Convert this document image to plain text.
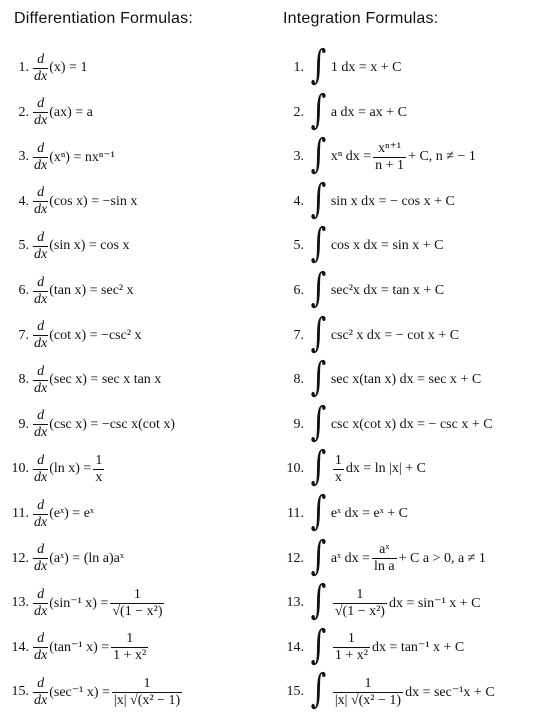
Differentiation Formulas:	Integration Formulas:
1. $\frac{d}{dx} (x) = 1$
2. $\frac{d}{dx} (ax) = a$
3. $\frac{d}{dx} (x^n) = nx^{n-1}$
4. $\frac{d}{dx} (\cos$ x) = −sin x
5. $\frac{d}{dx} (\sin$ x) = cos x
6. $\frac{d}{dx} (\tan$ x) = sec² x
7. $\frac{d}{dx} (\cot$ x) = −csc² x
8. $\frac{d}{dx} (\sec$ x) = sec x tan x
9. $\frac{d}{dx} (\csc$ x) = −csc x(cot x)
10. $\frac{d}{dx} (\ln$ $x) = \frac{1}{x}$
11. $\frac{d}{dx}$ (eˣ) = eˣ
12. $\frac{d}{dx}$ (aˣ) = (ln a)aˣ
13. $\frac{d}{dx} (\sin^{-1}$ $x) = \frac{1}{\text{√(1 − x²)}}$
14. $\frac{d}{dx} (\tan^{-1}$ $x) = \frac{1}{\text{1 + x²}}$
15. $\frac{d}{dx} (\sec^{-1}$ $x) = \frac{1}{\text{|x| √(x² − 1)}}$
1. ∫ 1 dx = x + C
2. ∫ a dx = ax + C
3. ∫ xⁿ dx = $\frac{\text{xⁿ⁺¹}}{n + 1} + C$, n ≠ − 1
4. ∫ sin x dx = − cos x + C
5. ∫ cos x dx = sin x + C
6. ∫ sec²x dx = tan x + C
7. ∫ csc² x dx = − cot x + C
8. ∫ sec x(tan x) dx = sec x + C
9. ∫ csc x(cot x) dx = − csc x + C
10. ∫ $\frac{1}{x}$ dx = ln |x| + C
11. ∫ eˣ dx = eˣ + C
12. ∫ aˣ dx = $\frac{\text{aˣ}}{\text{ln a}} + C$ a > 0, a ≠ 1
13. ∫ $\frac{1}{\text{√(1 − x²)}}$ dx = sin⁻¹ x + C
14. ∫ $\frac{1}{\text{1 + x²}}$ dx = tan⁻¹ x + C
15. ∫ $\frac{1}{\text{|x| √(x² − 1)}}$ dx = sec⁻¹x + C
